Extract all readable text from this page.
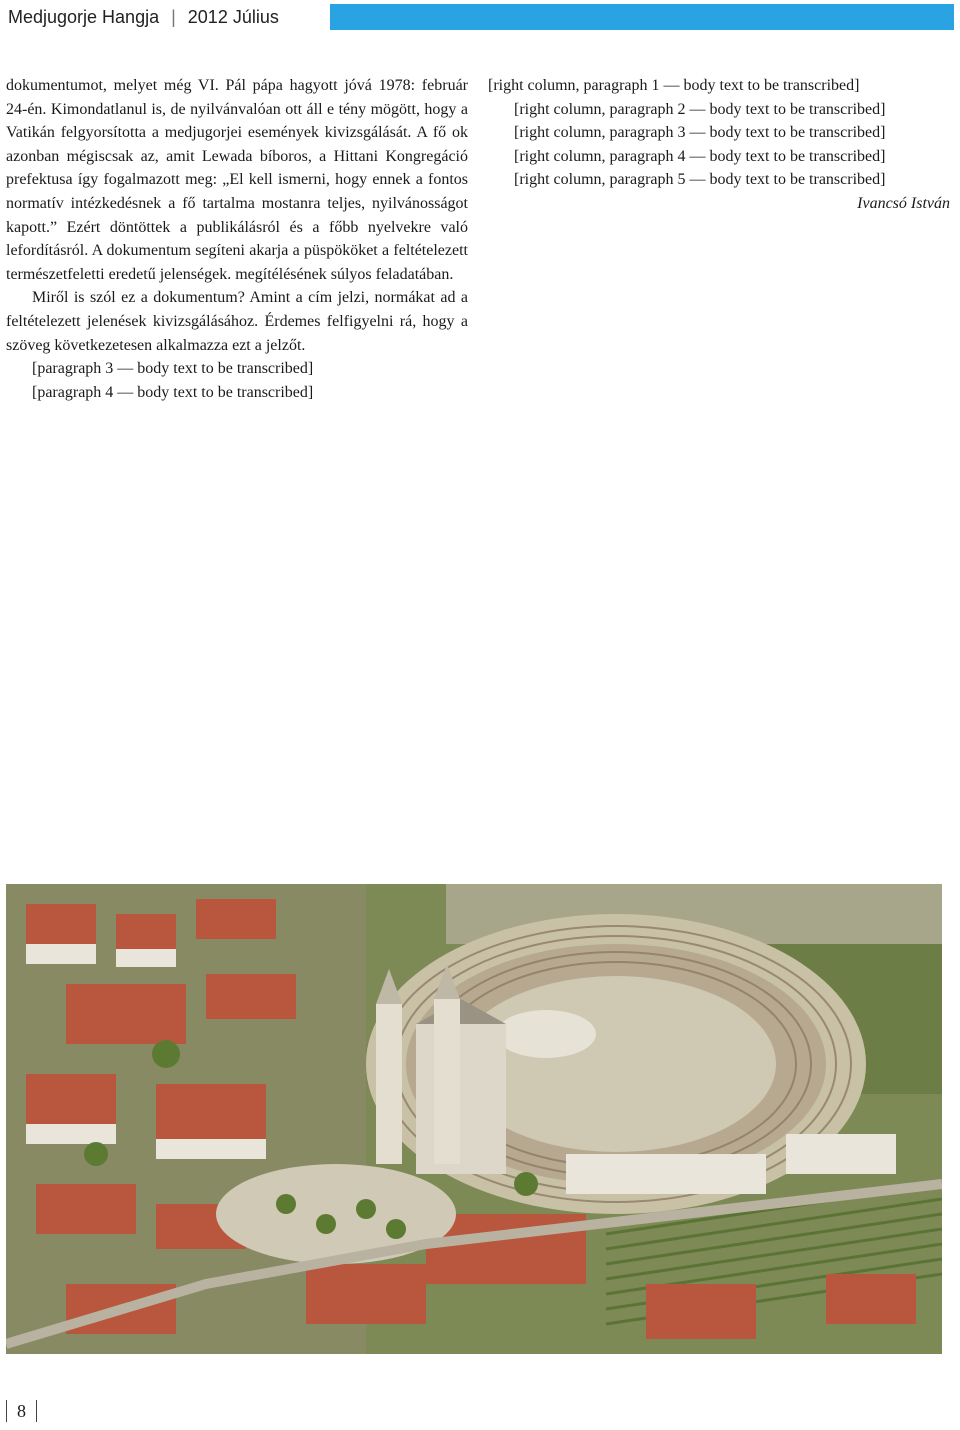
Medjugorje Hangja | 2012 Július

dokumentumot, melyet még VI. Pál pápa hagyott jóvá 1978: február 24-én. Kimondatlanul is, de nyilvánvalóan ott áll e tény mögött, hogy a Vatikán felgyorsította a medjugorjei események kivizsgálását. A fő ok azonban mégiscsak az, amit Lewada bíboros, a Hittani Kongregáció prefektusa így fogalmazott meg: „El kell ismerni, hogy ennek a fontos normatív intézkedésnek a fő tartalma mostanra teljes, nyilvánosságot kapott.” Ezért döntöttek a publikálásról és a főbb nyelvekre való lefordításról. A dokumentum segíteni akarja a püspököket a feltételezett természetfeletti eredetű jelenségek. megítélésének súlyos feladatában.

Miről is szól ez a dokumentum? Amint a cím jelzi, normákat ad a feltételezett jelenések kivizsgálásához. Érdemes felfigyelni rá, hogy a szöveg következetesen alkalmazza ezt a jelzőt.

[paragraph 3 — body text to be transcribed]

[paragraph 4 — body text to be transcribed]

[right column, paragraph 1 — body text to be transcribed]

[right column, paragraph 2 — body text to be transcribed]

[right column, paragraph 3 — body text to be transcribed]

[right column, paragraph 4 — body text to be transcribed]

[right column, paragraph 5 — body text to be transcribed]
Ivancsó István

8
